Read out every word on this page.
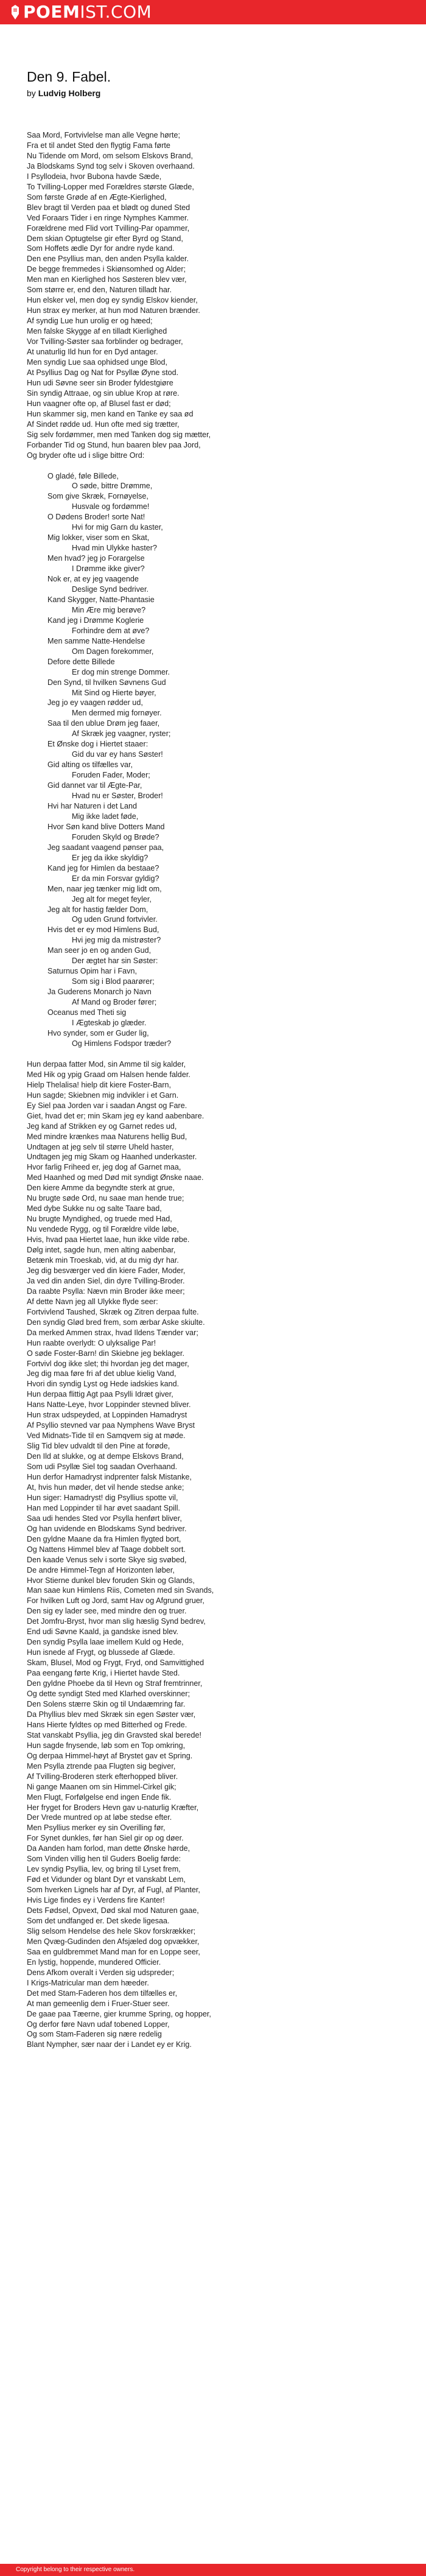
POEMIST.COM
Den 9. Fabel.

by Ludvig Holberg

Saa Mord, Fortvivlelse man alle Vegne hørte;
Fra et til andet Sted den flygtig Fama førte
Nu Tidende om Mord, om selsom Elskovs Brand,
Ja Blodskams Synd tog selv i Skoven overhaand.
I Psyllodeia, hvor Bubona havde Sæde,
To Tvilling-Lopper med Forældres største Glæde,
Som første Grøde af en Ægte-Kierlighed,
Blev bragt til Verden paa et blødt og duned Sted
Ved Foraars Tider i en ringe Nymphes Kammer.
Forældrene med Flid vort Tvilling-Par opammer,
Dem skian Optugtelse gir efter Byrd og Stand,
Som Hoffets ædle Dyr for andre nyde kand.
Den ene Psyllius man, den anden Psylla kalder.
De begge fremmedes i Skiønsomhed og Alder;
Men man en Kierlighed hos Søsteren blev vær,
Som større er, end den, Naturen tilladt har.
Hun elsker vel, men dog ey syndig Elskov kiender,
Hun strax ey merker, at hun mod Naturen brænder.
Af syndig Lue hun urolig er og hæed;
Men falske Skygge af en tilladt Kierlighed
Vor Tvilling-Søster saa forblinder og bedrager,
At unaturlig Ild hun for en Dyd antager.
Men syndig Lue saa ophidsed unge Blod,
At Psyllius Dag og Nat for Psyllæ Øyne stod.
Hun udi Søvne seer sin Broder fyldestgiøre
Sin syndig Attraae, og sin ublue Krop at røre.
Hun vaagner ofte op, af Blusel fast er død;
Hun skammer sig, men kand en Tanke ey saa ød
Af Sindet rødde ud. Hun ofte med sig trætter,
Sig selv fordømmer, men med Tanken dog sig mætter,
Forbander Tid og Stund, hun baaren blev paa Jord,
Og bryder ofte ud i slige bittre Ord:
O gladé, føle Billede,
O søde, bittre Drømme,
Som give Skræk, Fornøyelse,
Husvale og fordømme!
O Dødens Broder! sorte Nat!
Hvi for mig Garn du kaster,
Mig lokker, viser som en Skat,
Hvad min Ulykke haster?
Men hvad? jeg jo Forargelse
I Drømme ikke giver?
Nok er, at ey jeg vaagende
Deslige Synd bedriver.
Kand Skygger, Natte-Phantasie
Min Ære mig berøve?
Kand jeg i Drømme Koglerie
Forhindre dem at øve?
Men samme Natte-Hendelse
Om Dagen forekommer,
Defore dette Billede
Er dog min strenge Dommer.
Den Synd, til hvilken Søvnens Gud
Mit Sind og Hierte bøyer,
Jeg jo ey vaagen rødder ud,
Men dermed mig fornøyer.
Saa til den ublue Drøm jeg faaer,
Af Skræk jeg vaagner, ryster;
Et Ønske dog i Hiertet staaer:
Gid du var ey hans Søster!
Gid alting os tilfælles var,
Foruden Fader, Moder;
Gid dannet var til Ægte-Par,
Hvad nu er Søster, Broder!
Hvi har Naturen i det Land
Mig ikke ladet føde,
Hvor Søn kand blive Dotters Mand
Foruden Skyld og Brøde?
Jeg saadant vaagend pønser paa,
Er jeg da ikke skyldig?
Kand jeg for Himlen da bestaae?
Er da min Forsvar gyldig?
Men, naar jeg tænker mig lidt om,
Jeg alt for meget feyler,
Jeg alt for hastig fælder Dom,
Og uden Grund fortvivler.
Hvis det er ey mod Himlens Bud,
Hvi jeg mig da mistrøster?
Man seer jo en og anden Gud,
Der ægtet har sin Søster:
Saturnus Opim har i Favn,
Som sig i Blod paarører;
Ja Guderens Monarch jo Navn
Af Mand og Broder fører;
Oceanus med Theti sig
I Ægteskab jo glæder.
Hvo synder, som er Guder lig,
Og Himlens Fodspor træder?
Hun derpaa fatter Mod, sin Amme til sig kalder,
Med Hik og ypig Graad om Halsen hende falder.
Hielp Thelalisa! hielp dit kiere Foster-Barn,
Hun sagde; Skiebnen mig indvikler i et Garn.
Ey Siel paa Jorden var i saadan Angst og Fare.
Giet, hvad det er; min Skam jeg ey kand aabenbare.
Jeg kand af Strikken ey og Garnet redes ud,
Med mindre krænkes maa Naturens hellig Bud,
Undtagen at jeg selv til større Uheld haster,
Undtagen jeg mig Skam og Haanhed underkaster.
Hvor farlig Friheed er, jeg dog af Garnet maa,
Med Haanhed og med Død mit syndigt Ønske naae.
Den kiere Amme da begyndte sterk at grue,
Nu brugte søde Ord, nu saae man hende true;
Med dybe Sukke nu og salte Taare bad,
Nu brugte Myndighed, og truede med Had,
Nu vendede Rygg, og til Forældre vilde løbe,
Hvis, hvad paa Hiertet laae, hun ikke vilde røbe.
Dølg intet, sagde hun, men alting aabenbar,
Betænk min Troeskab, vid, at du mig dyr har.
Jeg dig besværger ved din kiere Fader, Moder,
Ja ved din anden Siel, din dyre Tvilling-Broder.
Da raabte Psylla: Nævn min Broder ikke meer;
Af dette Navn jeg all Ulykke flyde seer:
Fortvivlend Taushed, Skræk og Zitren derpaa fulte.
Den syndig Glød bred frem, som ærbar Aske skiulte.
Da merked Ammen strax, hvad Ildens Tænder var;
Hun raabte overlydt: O ulyksalige Par!
O søde Foster-Barn! din Skiebne jeg beklager.
Fortvivl dog ikke slet; thi hvordan jeg det mager,
Jeg dig maa føre fri af det ublue kielig Vand,
Hvori din syndig Lyst og Hede iadskies kand.
Hun derpaa flittig Agt paa Psylli Idræt giver,
Hans Natte-Leye, hvor Loppinder stevned bliver.
Hun strax udspeyded, at Loppinden Hamadryst
Af Psyllio stevned var paa Nymphens Wave Bryst
Ved Midnats-Tide til en Samqvem sig at møde.
Slig Tid blev udvaldt til den Pine at forøde,
Den Ild at slukke, og at dempe Elskovs Brand,
Som udi Psyllæ Siel tog saadan Overhaand.
Hun derfor Hamadryst indprenter falsk Mistanke,
At, hvis hun møder, det vil hende stedse anke;
Hun siger: Hamadryst! dig Psyllius spotte vil,
Han med Loppinder til har øvet saadant Spill.
Saa udi hendes Sted vor Psylla henført bliver,
Og han uvidende en Blodskams Synd bedriver.
Den gyldne Maane da fra Himlen flygted bort,
Og Nattens Himmel blev af Taage dobbelt sort.
Den kaade Venus selv i sorte Skye sig svøbed,
De andre Himmel-Tegn af Horizonten løber,
Hvor Stierne dunkel blev foruden Skin og Glands,
Man saae kun Himlens Riis, Cometen med sin Svands,
For hvilken Luft og Jord, samt Hav og Afgrund gruer,
Den sig ey lader see, med mindre den og truer.
Det Jomfru-Bryst, hvor man slig hæslig Synd bedrev,
End udi Søvne Kaald, ja gandske isned blev.
Den syndig Psylla laae imellem Kuld og Hede,
Hun isnede af Frygt, og blussede af Glæde.
Skam, Blusel, Mod og Frygt, Fryd, ond Samvittighed
Paa eengang førte Krig, i Hiertet havde Sted.
Den gyldne Phoebe da til Hevn og Straf fremtrinner,
Og dette syndigt Sted med Klarhed overskinner;
Den Solens stærre Skin og til Undaæmring far.
Da Phyllius blev med Skræk sin egen Søster vær,
Hans Hierte fyldtes op med Bitterhed og Frede.
Stat vanskabt Psyllia, jeg din Gravsted skal berede!
Hun sagde fnysende, løb som en Top omkring,
Og derpaa Himmel-høyt af Brystet gav et Spring.
Men Psylla ztrende paa Flugten sig begiver,
Af Tvilling-Broderen sterk efterhopped bliver.
Ni gange Maanen om sin Himmel-Cirkel gik;
Men Flugt, Forfølgelse end ingen Ende fik.
Her fryget for Broders Hevn gav u-naturlig Kræfter,
Der Vrede muntred op at løbe stedse efter.
Men Psyllius merker ey sin Overilling før,
For Synet dunkles, før han Siel gir op og døer.
Da Aanden ham forlod, man dette Ønske hørde,
Som Vinden villig hen til Guders Boelig førde:
Lev syndig Psyllia, lev, og bring til Lyset frem,
Fød et Vidunder og blant Dyr et vanskabt Lem,
Som hverken Lignels har af Dyr, af Fugl, af Planter,
Hvis Lige findes ey i Verdens fire Kanter!
Dets Fødsel, Opvext, Død skal mod Naturen gaae,
Som det undfanged er. Det skede ligesaa.
Slig selsom Hendelse des hele Skov forskrækker;
Men Qvæg-Gudinden den Afsjæled dog opvækker,
Saa en guldbremmet Mand man for en Loppe seer,
En lystig, hoppende, mundered Officier.
Dens Afkom overalt i Verden sig udspreder;
I Krigs-Matricular man dem hæeder.
Det med Stam-Faderen hos dem tilfælles er,
At man gemeenlig dem i Fruer-Stuer seer.
De gaae paa Tæerne, gier krumme Spring, og hopper,
Og derfor føre Navn udaf tobened Lopper,
Og som Stam-Faderen sig nære redelig
Blant Nympher, sær naar der i Landet ey er Krig.
Copyright belong to their respective owners.
